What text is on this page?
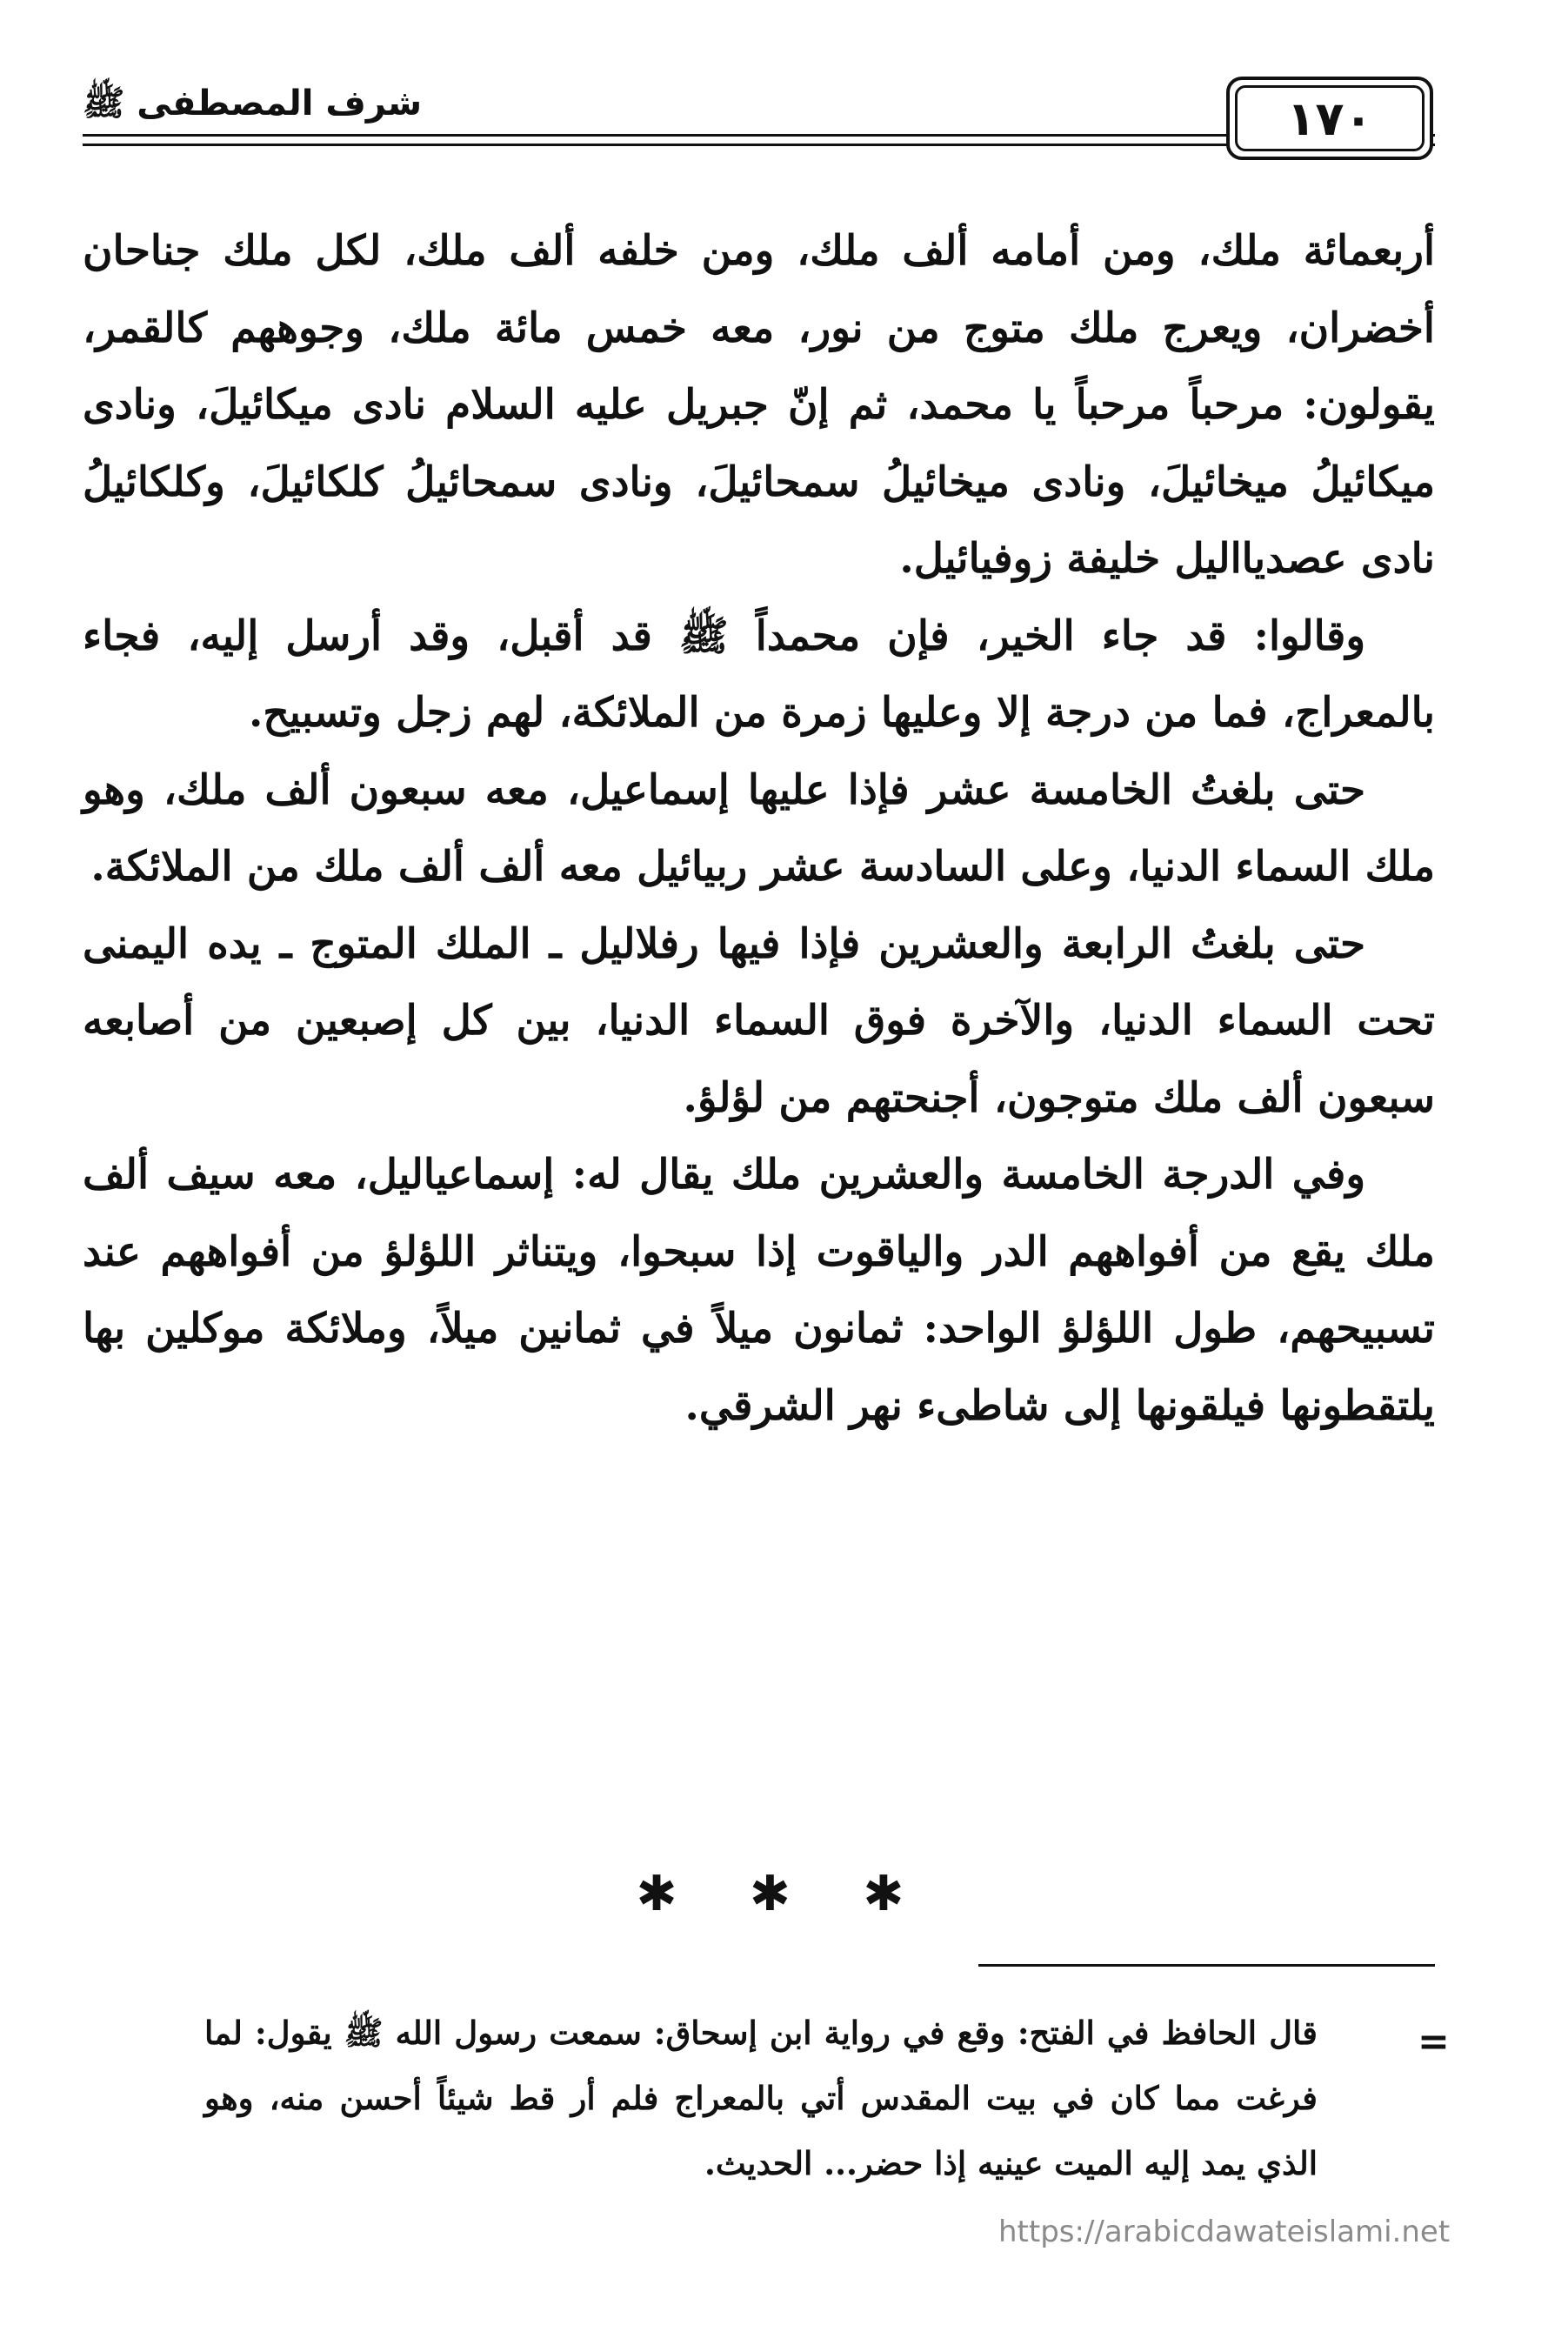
شرف المصطفى ﷺ	١٧٠

أربعمائة ملك، ومن أمامه ألف ملك، ومن خلفه ألف ملك، لكل ملك جناحان أخضران، ويعرج ملك متوج من نور، معه خمس مائة ملك، وجوههم كالقمر، يقولون: مرحباً مرحباً يا محمد، ثم إنّ جبريل عليه السلام نادى ميكائيلَ، ونادى ميكائيلُ ميخائيلَ، ونادى ميخائيلُ سمحائيلَ، ونادى سمحائيلُ كلكائيلَ، وكلكائيلُ نادى عصديااليل خليفة زوفيائيل.

وقالوا: قد جاء الخير، فإن محمداً ﷺ قد أقبل، وقد أرسل إليه، فجاء بالمعراج، فما من درجة إلا وعليها زمرة من الملائكة، لهم زجل وتسبيح.

حتى بلغتُ الخامسة عشر فإذا عليها إسماعيل، معه سبعون ألف ملك، وهو ملك السماء الدنيا، وعلى السادسة عشر ربيائيل معه ألف ألف ملك من الملائكة.

حتى بلغتُ الرابعة والعشرين فإذا فيها رفلاليل ـ الملك المتوج ـ يده اليمنى تحت السماء الدنيا، والآخرة فوق السماء الدنيا، بين كل إصبعين من أصابعه سبعون ألف ملك متوجون، أجنحتهم من لؤلؤ.

وفي الدرجة الخامسة والعشرين ملك يقال له: إسماعياليل، معه سيف ألف ملك يقع من أفواههم الدر والياقوت إذا سبحوا، ويتناثر اللؤلؤ من أفواههم عند تسبيحهم، طول اللؤلؤ الواحد: ثمانون ميلاً في ثمانين ميلاً، وملائكة موكلين بها يلتقطونها فيلقونها إلى شاطىء نهر الشرقي.

✱ ✱ ✱
=

قال الحافظ في الفتح: وقع في رواية ابن إسحاق: سمعت رسول الله ﷺ يقول: لما فرغت مما كان في بيت المقدس أتي بالمعراج فلم أر قط شيئاً أحسن منه، وهو الذي يمد إليه الميت عينيه إذا حضر... الحديث.

https://arabicdawateislami.net
